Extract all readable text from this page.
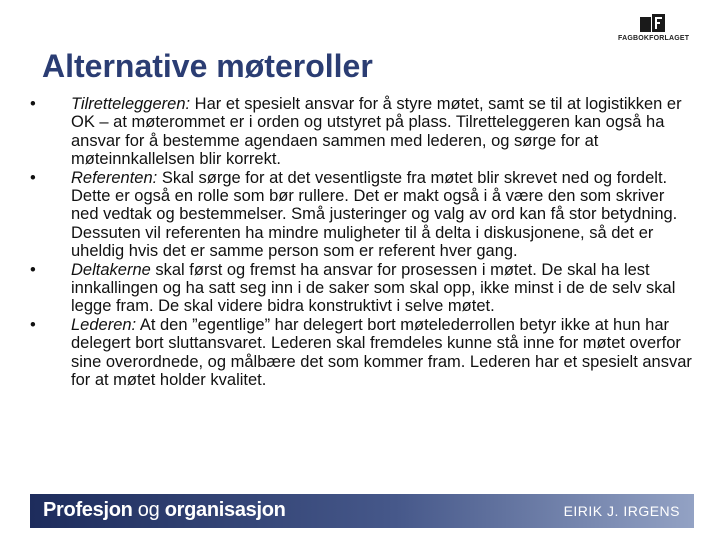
FAGBOKFORLAGET
Alternative møteroller
• Tilretteleggeren: Har et spesielt ansvar for å styre møtet, samt se til at logistikken er OK – at møterommet er i orden og utstyret på plass. Tilretteleggeren kan også ha ansvar for å bestemme agendaen sammen med lederen, og sørge for at møteinnkallelsen blir korrekt.
• Referenten: Skal sørge for at det vesentligste fra møtet blir skrevet ned og fordelt. Dette er også en rolle som bør rullere. Det er makt også i å være den som skriver ned vedtak og bestemmelser. Små justeringer og valg av ord kan få stor betydning. Dessuten vil referenten ha mindre muligheter til å delta i diskusjonene, så det er uheldig hvis det er samme person som er referent hver gang.
• Deltakerne skal først og fremst ha ansvar for prosessen i møtet. De skal ha lest innkallingen og ha satt seg inn i de saker som skal opp, ikke minst i de de selv skal legge fram. De skal videre bidra konstruktivt i selve møtet.
• Lederen: At den ”egentlige” har delegert bort møtelederrollen betyr ikke at hun har delegert bort sluttansvaret. Lederen skal fremdeles kunne stå inne for møtet overfor sine overordnede, og målbære det som kommer fram. Lederen har et spesielt ansvar for at møtet holder kvalitet.
Profesjon og organisasjon	EIRIK J. IRGENS
